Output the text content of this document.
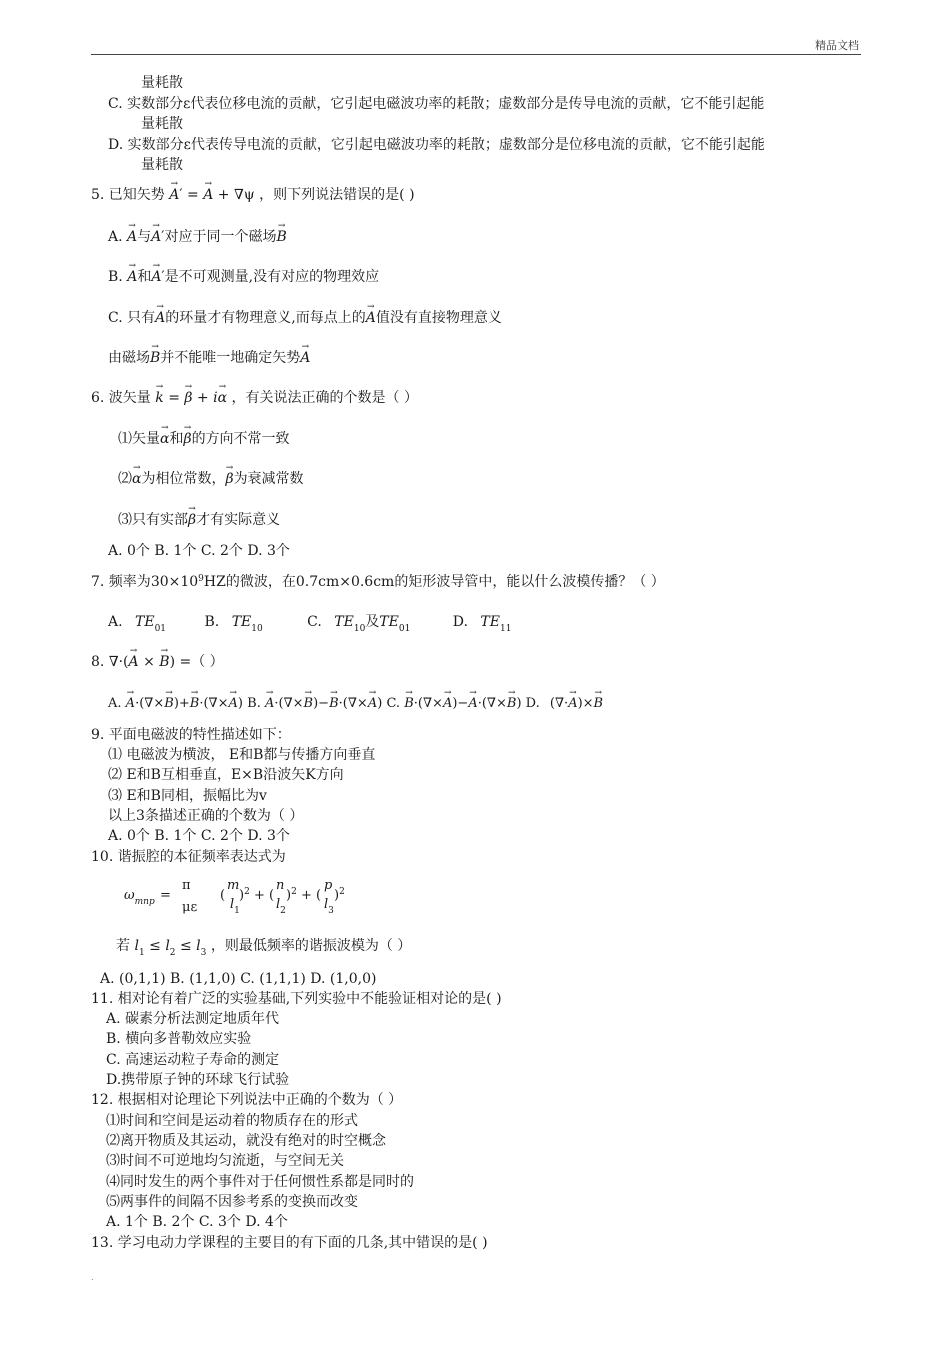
精品文档
量耗散
C. 实数部分ε代表位移电流的贡献，它引起电磁波功率的耗散；虚数部分是传导电流的贡献，它不能引起能
量耗散
D. 实数部分ε代表传导电流的贡献，它引起电磁波功率的耗散；虚数部分是位移电流的贡献，它不能引起能
量耗散
5. 已知矢势 → A′ = → A + ∇ψ ，则下列说法错误的是( )
A. → A与→ A′对应于同一个磁场→ B
B. → A和→ A′是不可观测量,没有对应的物理效应
C. 只有→ A的环量才有物理意义,而每点上的→ A值没有直接物理意义
由磁场→ B并不能唯一地确定矢势→ A
6. 波矢量 → k = → β + i→ α ，有关说法正确的个数是（ ）
⑴矢量→ α和→ β的方向不常一致
⑵→ α为相位常数，→ β为衰减常数
⑶只有实部→ β才有实际意义
A. 0个 B. 1个 C. 2个 D. 3个
7. 频率为$30\times 10^9HZ$的微波，在0.7cm×0.6cm的矩形波导管中，能以什么波模传播？（ ）
A. $TE_{01}$	B. $TE_{10}$	C. $TE_{10}$及$TE_{01}$	D. $TE_{11}$
8. ∇·(→ A × → B) =（ ）
A. → A·(∇×→ B)+→ B·(∇×→ A) B. → A·(∇×→ B)−→ B·(∇×→ A) C. → B·(∇×→ A)−→ A·(∇×→ B) D. (∇·→ A)×→ B
9. 平面电磁波的特性描述如下：
⑴ 电磁波为横波， E和B都与传播方向垂直
⑵ E和B互相垂直，E×B沿波矢K方向
⑶ E和B同相，振幅比为v
以上3条描述正确的个数为（ ）
A. 0个 B. 1个 C. 2个 D. 3个
10. 谐振腔的本征频率表达式为
$\omega_{mnp}$ =
π
με
(
m
$l_1$
)$^2$ + (
n
$l_2$
)$^2$ + (
p
$l_3$
)$^2$
若 $l_1 \le l_2 \le l_3$ ，则最低频率的谐振波模为（ ）
A. (0,1,1) B. (1,1,0) C. (1,1,1) D. (1,0,0)
11. 相对论有着广泛的实验基础,下列实验中不能验证相对论的是( )
A. 碳素分析法测定地质年代
B. 横向多普勒效应实验
C. 高速运动粒子寿命的测定
D.携带原子钟的环球飞行试验
12. 根据相对论理论下列说法中正确的个数为（ ）
⑴时间和空间是运动着的物质存在的形式
⑵离开物质及其运动，就没有绝对的时空概念
⑶时间不可逆地均匀流逝，与空间无关
⑷同时发生的两个事件对于任何惯性系都是同时的
⑸两事件的间隔不因参考系的变换而改变
A. 1个 B. 2个 C. 3个 D. 4个
13. 学习电动力学课程的主要目的有下面的几条,其中错误的是( )
.
